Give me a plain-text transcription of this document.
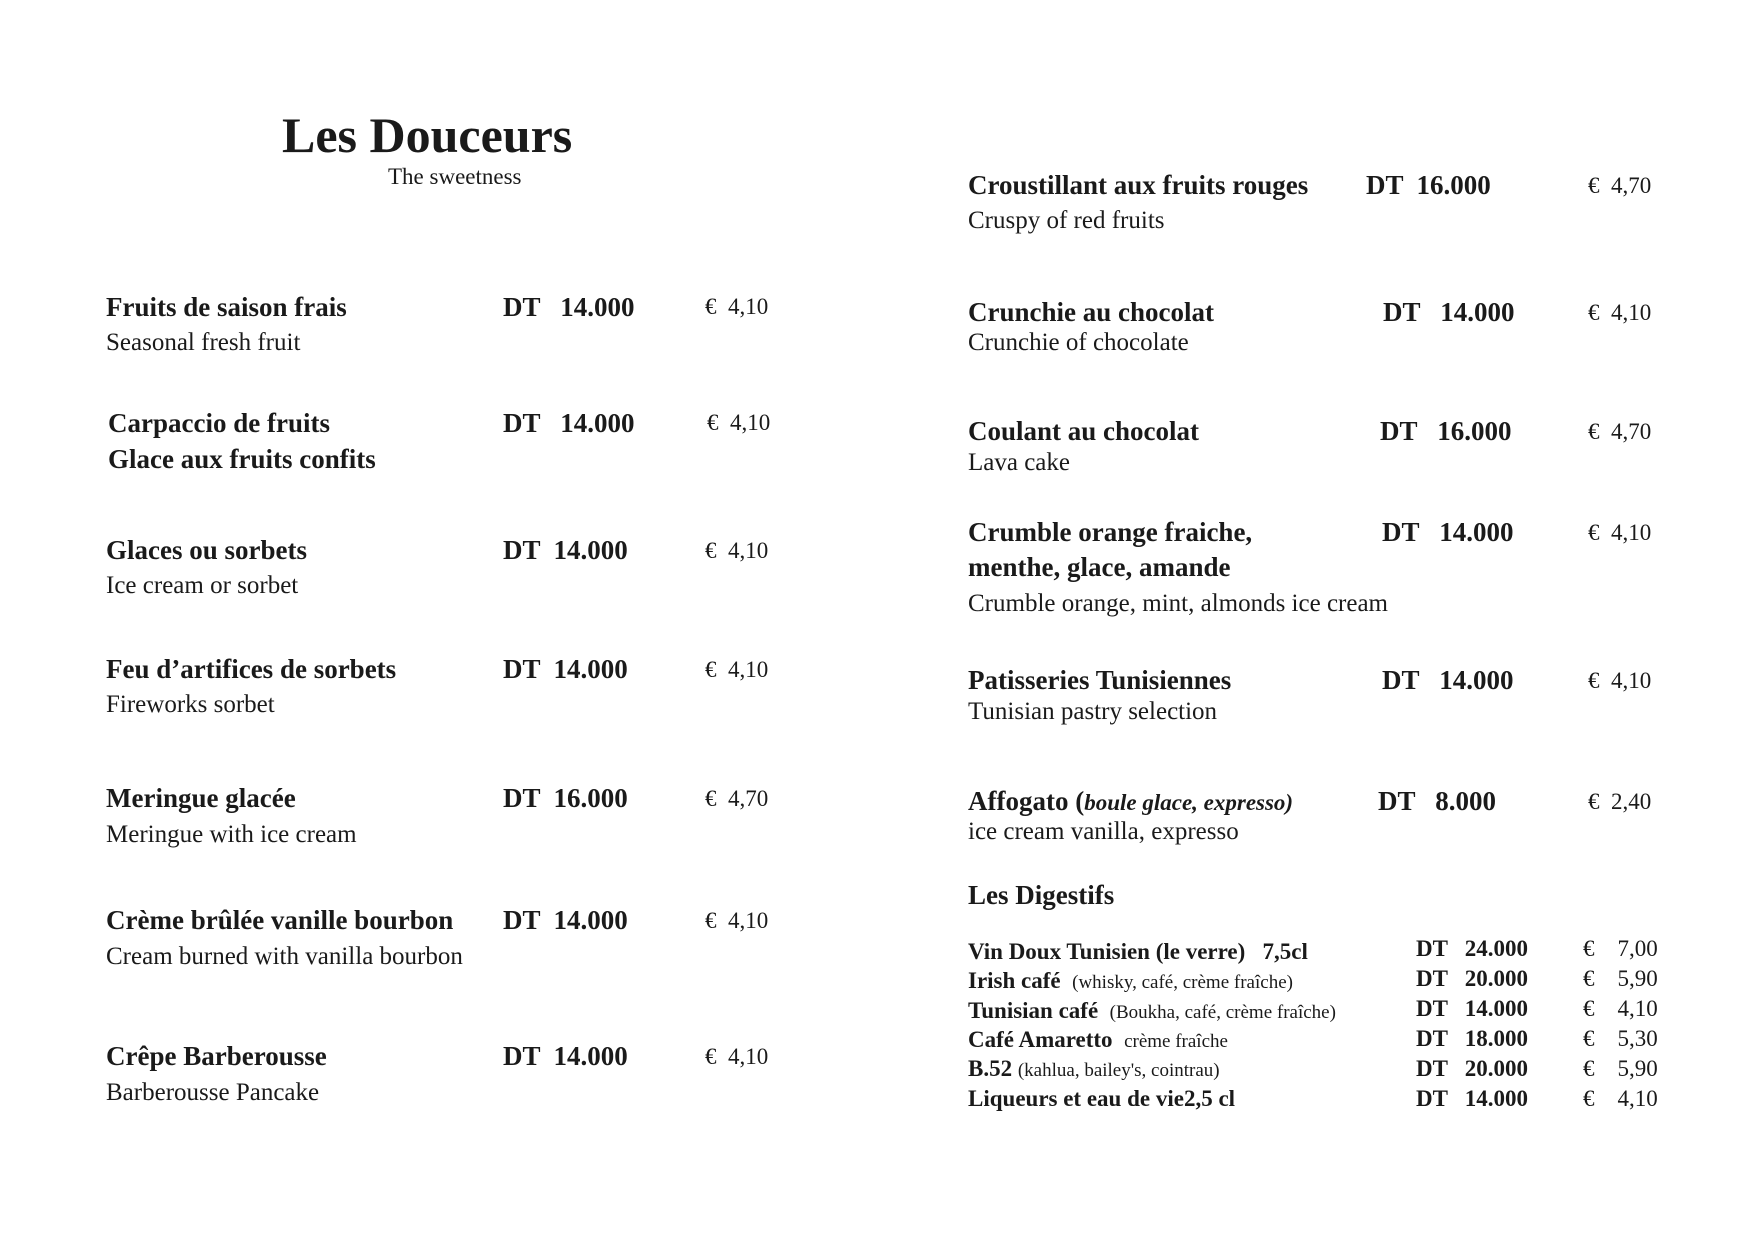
Les Douceurs
The sweetness
Fruits de saison frais
Seasonal fresh fruit
DT   14.000	€  4,10
Carpaccio de fruits
Glace aux fruits confits
DT   14.000	€  4,10
Glaces ou sorbets
Ice cream or sorbet
DT  14.000	€  4,10
Feu d’artifices de sorbets
Fireworks sorbet
DT  14.000	€  4,10
Meringue glacée
Meringue with ice cream
DT  16.000	€  4,70
Crème brûlée vanille bourbon
Cream burned with vanilla bourbon
DT  14.000	€  4,10
Crêpe Barberousse
Barberousse Pancake
DT  14.000	€  4,10
Croustillant aux fruits rouges
Cruspy of red fruits
DT  16.000	€  4,70
Crunchie au chocolat
Crunchie of chocolate
DT   14.000	€  4,10
Coulant au chocolat
Lava cake
DT   16.000	€  4,70
Crumble orange fraiche,
menthe, glace, amande
Crumble orange, mint, almonds ice cream
DT   14.000	€  4,10
Patisseries Tunisiennes
Tunisian pastry selection
DT   14.000	€  4,10
Affogato (boule glace, expresso)
ice cream vanilla, expresso
DT   8.000	€  2,40
Les Digestifs
Vin Doux Tunisien (le verre)   7,5cl	DT   24.000 €    7,00
Irish café (whisky, café, crème fraîche)	DT   20.000 €    5,90
Tunisian café (Boukha, café, crème fraîche)	DT   14.000 €    4,10
Café Amaretto crème fraîche	DT   18.000 €    5,30
B.52 (kahlua, bailey's, cointrau)	DT   20.000 €    5,90
Liqueurs et eau de vie2,5 cl	DT   14.000 €    4,10
